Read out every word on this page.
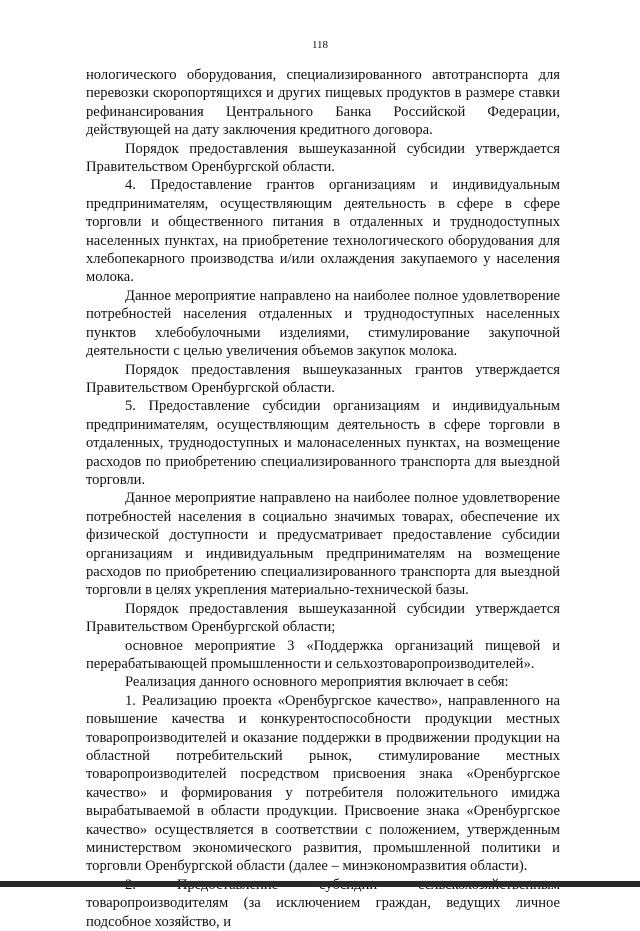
118

нологического оборудования, специализированного автотранспорта для перевозки скоропортящихся и других пищевых продуктов в размере ставки рефинансирования Центрального Банка Российской Федерации, действующей на дату заключения кредитного договора.

Порядок предоставления вышеуказанной субсидии утверждается Правительством Оренбургской области.

4. Предоставление грантов организациям и индивидуальным предпринимателям, осуществляющим деятельность в сфере в сфере торговли и общественного питания в отдаленных и труднодоступных населенных пунктах, на приобретение технологического оборудования для хлебопекарного производства и/или охлаждения закупаемого у населения молока.

Данное мероприятие направлено на наиболее полное удовлетворение потребностей населения отдаленных и труднодоступных населенных пунктов хлебобулочными изделиями, стимулирование закупочной деятельности с целью увеличения объемов закупок молока.

Порядок предоставления вышеуказанных грантов утверждается Правительством Оренбургской области.

5. Предоставление субсидии организациям и индивидуальным предпринимателям, осуществляющим деятельность в сфере торговли в отдаленных, труднодоступных и малонаселенных пунктах, на возмещение расходов по приобретению специализированного транспорта для выездной торговли.

Данное мероприятие направлено на наиболее полное удовлетворение потребностей населения в социально значимых товарах, обеспечение их физической доступности и предусматривает предоставление субсидии организациям и индивидуальным предпринимателям на возмещение расходов по приобретению специализированного транспорта для выездной торговли в целях укрепления материально-технической базы.

Порядок предоставления вышеуказанной субсидии утверждается Правительством Оренбургской области;

основное мероприятие 3 «Поддержка организаций пищевой и перерабатывающей промышленности и сельхозтоваропроизводителей».

Реализация данного основного мероприятия включает в себя:

1. Реализацию проекта «Оренбургское качество», направленного на повышение качества и конкурентоспособности продукции местных товаропроизводителей и оказание поддержки в продвижении продукции на областной потребительский рынок, стимулирование местных товаропроизводителей посредством присвоения знака «Оренбургское качество» и формирования у потребителя положительного имиджа вырабатываемой в области продукции. Присвоение знака «Оренбургское качество» осуществляется в соответствии с положением, утвержденным министерством экономического развития, промышленной политики и торговли Оренбургской области (далее – минэкономразвития области).

товаропроизводителям (за исключением граждан, ведущих личное подсобное хозяйство, и
